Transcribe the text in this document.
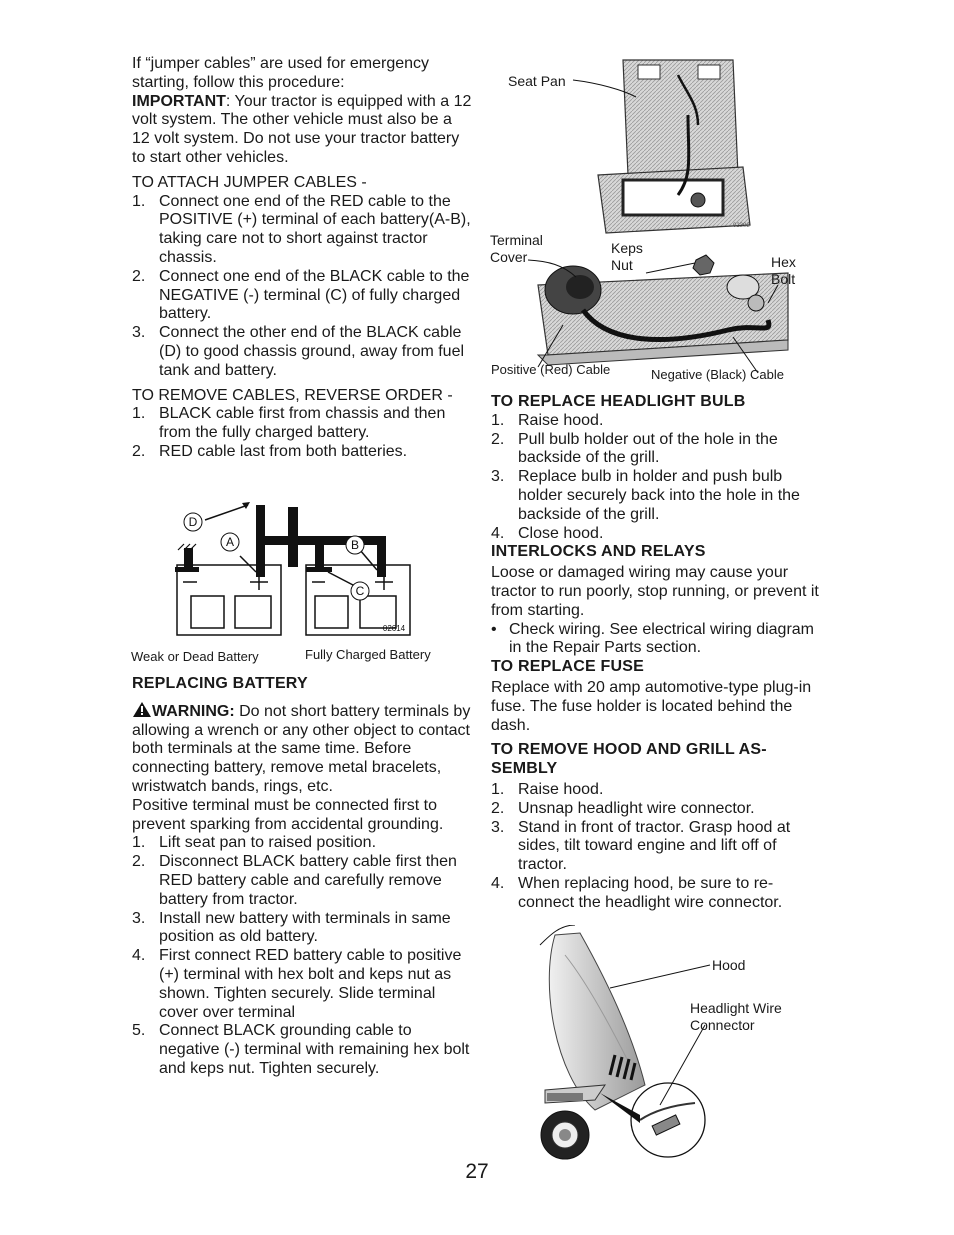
If “jumper cables” are used for emergency starting, follow this procedure:

IMPORTANT: Your tractor is equipped with a 12 volt system. The other vehicle must also be a 12 volt system. Do not use your tractor battery to start other vehicles.

TO ATTACH JUMPER CABLES -

1. Connect one end of the RED cable to the POSITIVE (+) terminal of each battery(A-B), taking care not to short against tractor chassis.
2. Connect one end of the BLACK cable to the NEGATIVE (-) terminal (C) of fully charged battery.
3. Connect the other end of the BLACK cable (D) to good chassis ground, away from fuel tank and battery.

TO REMOVE CABLES, REVERSE ORDER -

1. BLACK cable first from chassis and then from the fully charged battery.
2. RED cable last from both batteries.
D
A	B
C
02614
Weak or Dead Battery	Fully Charged Battery

REPLACING BATTERY

WARNING: Do not short battery terminals by allowing a wrench or any other object to contact both terminals at the same time. Before connecting battery, remove metal bracelets, wristwatch bands, rings, etc.

Positive terminal must be connected first to prevent sparking from accidental grounding.

1. Lift seat pan to raised position.
2. Disconnect BLACK battery cable first then RED battery cable and carefully remove battery from tractor.
3. Install new battery with terminals in same position as old battery.
4. First connect RED battery cable to positive (+) terminal with hex bolt and keps nut as shown. Tighten securely. Slide terminal cover over terminal
5. Connect BLACK grounding cable to negative (-) terminal with remaining hex bolt and keps nut. Tighten securely.
02392
Seat Pan
Terminal
Cover
Keps
Nut	Hex
Bolt
Positive (Red) Cable	Negative (Black) Cable

TO REPLACE HEADLIGHT BULB

1. Raise hood.
2. Pull bulb holder out of the hole in the backside of the grill.
3. Replace bulb in holder and push bulb holder securely back into the hole in the backside of the grill.
4. Close hood.

INTERLOCKS AND RELAYS

Loose or damaged wiring may cause your tractor to run poorly, stop running, or prevent it from starting.

• Check wiring. See electrical wiring diagram in the Repair Parts section.

TO REPLACE FUSE

Replace with 20 amp automotive-type plug-in fuse. The fuse holder is located behind the dash.

TO REMOVE HOOD AND GRILL AS-SEMBLY

1. Raise hood.
2. Unsnap headlight wire connector.
3. Stand in front of tractor. Grasp hood at sides, tilt toward engine and lift off of tractor.
4. When replacing hood, be sure to re-connect the headlight wire connector.
Hood
Headlight Wire
Connector
27
